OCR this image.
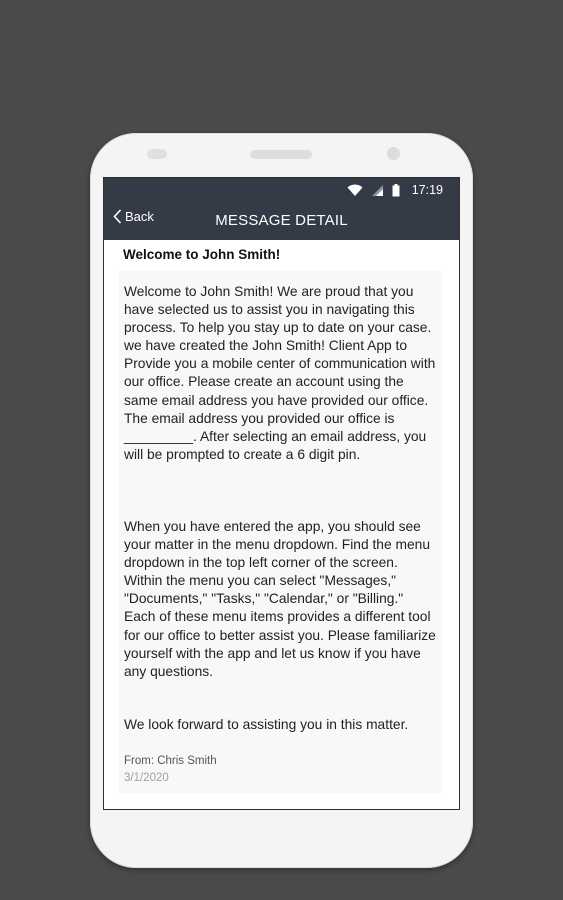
17:19
Back	MESSAGE DETAIL
Welcome to John Smith!

Welcome to John Smith! We are proud that you have selected us to assist you in navigating this process. To help you stay up to date on your case. we have created the John Smith! Client App to Provide you a mobile center of communication with our office. Please create an account using the same email address you have provided our office. The email address you provided our office is _________. After selecting an email address, you will be prompted to create a 6 digit pin.

When you have entered the app, you should see your matter in the menu dropdown. Find the menu dropdown in the top left corner of the screen. Within the menu you can select "Messages," "Documents," "Tasks," "Calendar," or "Billing." Each of these menu items provides a different tool for our office to better assist you. Please familiarize yourself with the app and let us know if you have any questions.

We look forward to assisting you in this matter.

From: Chris Smith
3/1/2020
